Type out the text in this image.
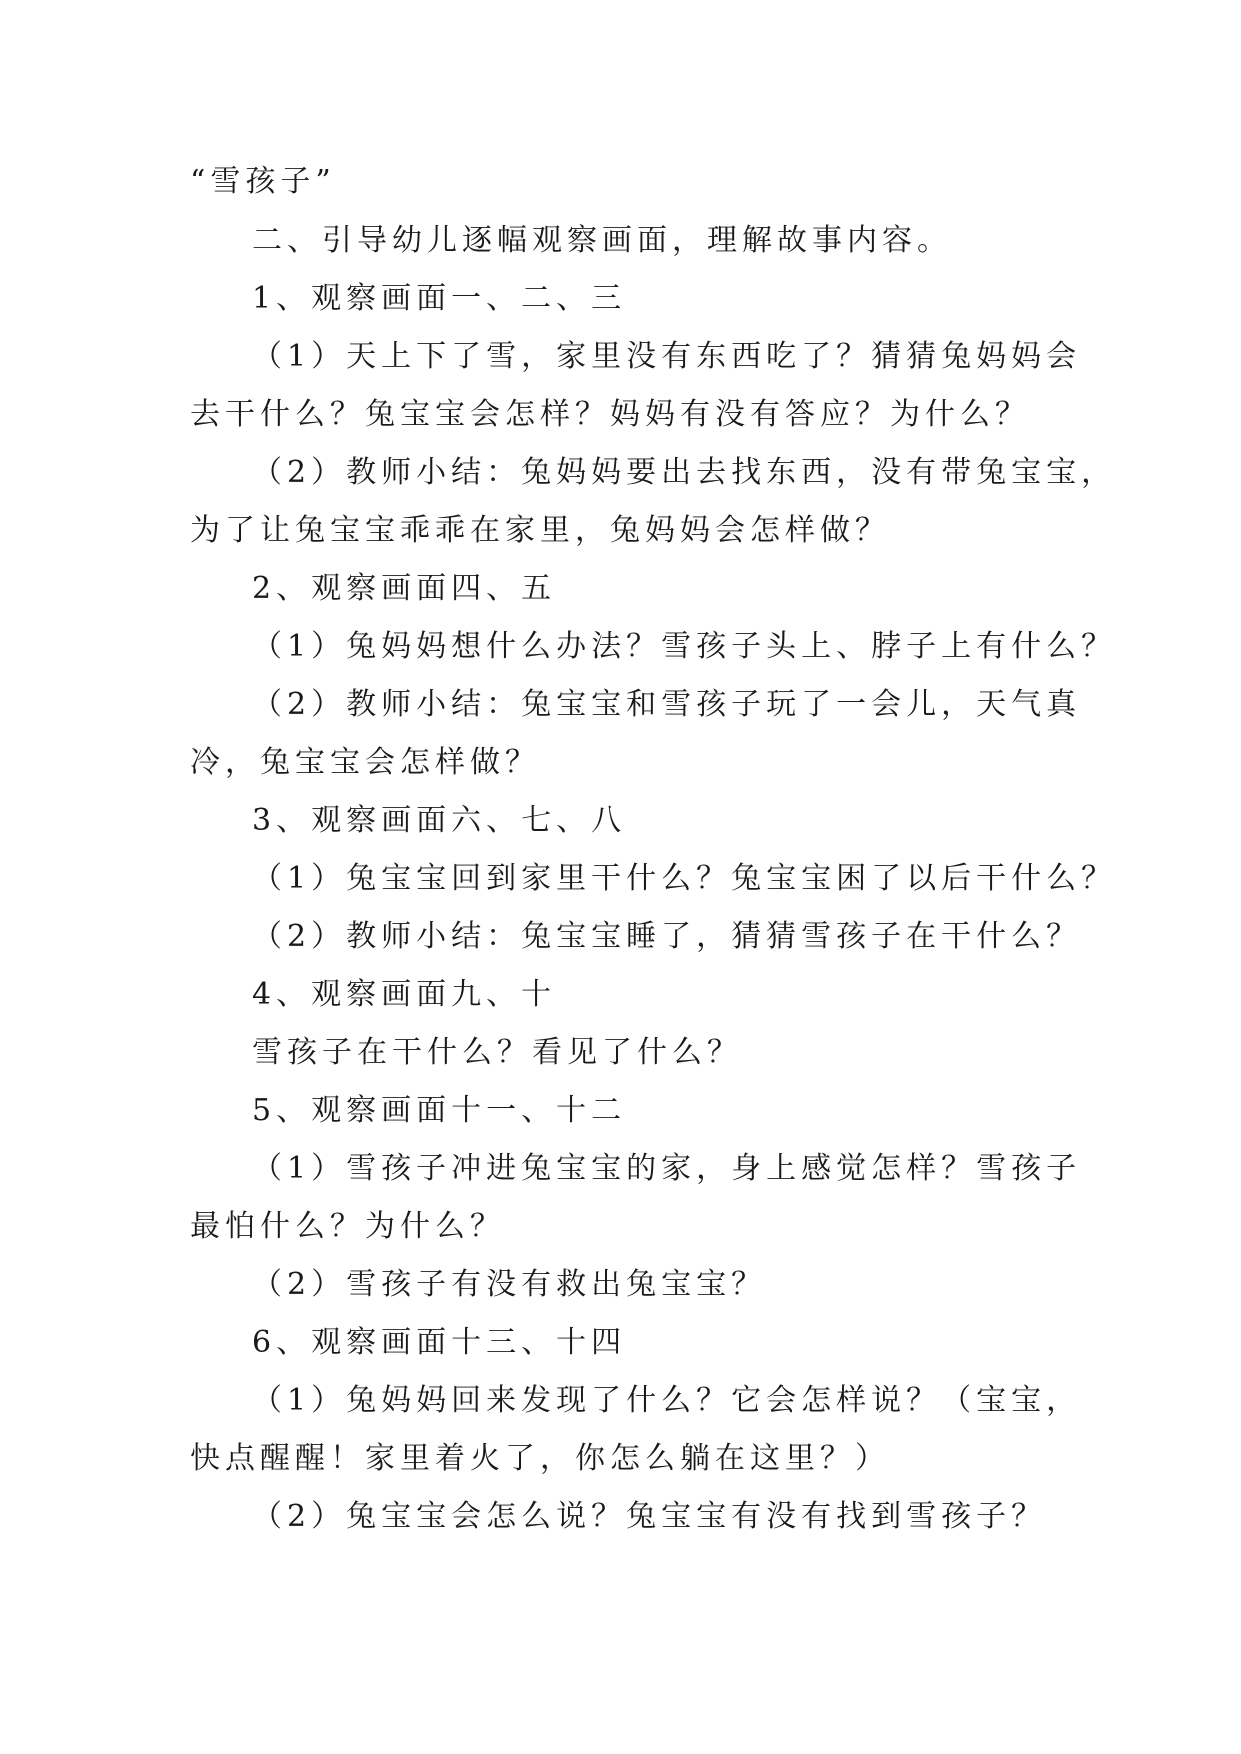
“雪孩子”
二、引导幼儿逐幅观察画面，理解故事内容。
1、观察画面一、二、三
（1）天上下了雪，家里没有东西吃了？猜猜兔妈妈会
去干什么？兔宝宝会怎样？妈妈有没有答应？为什么？
（2）教师小结：兔妈妈要出去找东西，没有带兔宝宝，
为了让兔宝宝乖乖在家里，兔妈妈会怎样做？
2、观察画面四、五
（1）兔妈妈想什么办法？雪孩子头上、脖子上有什么？
（2）教师小结：兔宝宝和雪孩子玩了一会儿，天气真
冷，兔宝宝会怎样做？
3、观察画面六、七、八
（1）兔宝宝回到家里干什么？兔宝宝困了以后干什么？
（2）教师小结：兔宝宝睡了，猜猜雪孩子在干什么？
4、观察画面九、十
雪孩子在干什么？看见了什么？
5、观察画面十一、十二
（1）雪孩子冲进兔宝宝的家，身上感觉怎样？雪孩子
最怕什么？为什么？
（2）雪孩子有没有救出兔宝宝？
6、观察画面十三、十四
（1）兔妈妈回来发现了什么？它会怎样说？（宝宝，
快点醒醒！家里着火了，你怎么躺在这里？）
（2）兔宝宝会怎么说？兔宝宝有没有找到雪孩子？
